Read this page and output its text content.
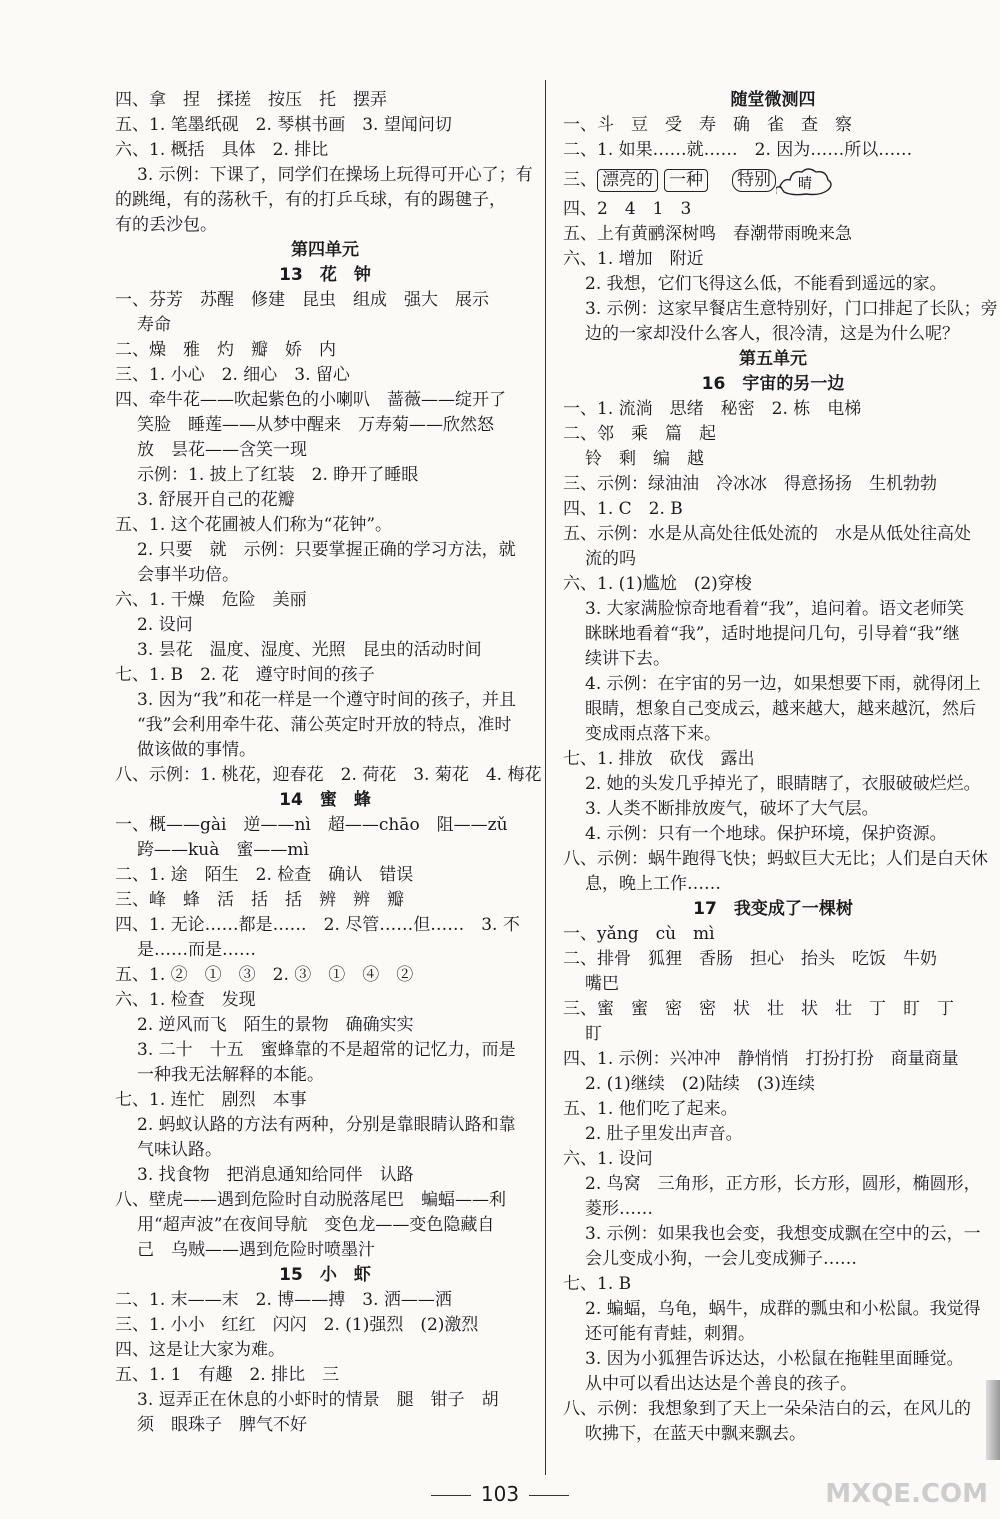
四、拿　捏　揉搓　按压　托　摆弄
五、1. 笔墨纸砚　2. 琴棋书画　3. 望闻问切
六、1. 概括　具体　2. 排比
3. 示例：下课了，同学们在操场上玩得可开心了；有
的跳绳，有的荡秋千，有的打乒乓球，有的踢毽子，
有的丢沙包。
第四单元
13　花　钟
一、芬芳　苏醒　修建　昆虫　组成　强大　展示
寿命
二、燥　雅　灼　瓣　娇　内
三、1. 小心　2. 细心　3. 留心
四、牵牛花——吹起紫色的小喇叭　蔷薇——绽开了
笑脸　睡莲——从梦中醒来　万寿菊——欣然怒
放　昙花——含笑一现
示例：1. 披上了红装　2. 睁开了睡眼
3. 舒展开自己的花瓣
五、1. 这个花圃被人们称为“花钟”。
2. 只要　就　示例：只要掌握正确的学习方法，就
会事半功倍。
六、1. 干燥　危险　美丽
2. 设问
3. 昙花　温度、湿度、光照　昆虫的活动时间
七、1. B　2. 花　遵守时间的孩子
3. 因为“我”和花一样是一个遵守时间的孩子，并且
“我”会利用牵牛花、蒲公英定时开放的特点，准时
做该做的事情。
八、示例：1. 桃花，迎春花　2. 荷花　3. 菊花　4. 梅花
14　蜜　蜂
一、概——gài　逆——nì　超——chāo　阻——zǔ
跨——kuà　蜜——mì
二、1. 途　陌生　2. 检查　确认　错误
三、峰　蜂　活　括　括　辨　辨　瓣
四、1. 无论……都是……　2. 尽管……但……　3. 不
是……而是……
五、1. ②　①　③　2. ③　①　④　②
六、1. 检查　发现
2. 逆风而飞　陌生的景物　确确实实
3. 二十　十五　蜜蜂靠的不是超常的记忆力，而是
一种我无法解释的本能。
七、1. 连忙　剧烈　本事
2. 蚂蚁认路的方法有两种，分别是靠眼睛认路和靠
气味认路。
3. 找食物　把消息通知给同伴　认路
八、壁虎——遇到危险时自动脱落尾巴　蝙蝠——利
用“超声波”在夜间导航　变色龙——变色隐藏自
己　乌贼——遇到危险时喷墨汁
15　小　虾
二、1. 末——末　2. 博——搏　3. 洒——洒
三、1. 小小　红红　闪闪　2. (1)强烈　(2)激烈
四、这是让大家为难。
五、1. 1　有趣　2. 排比　三
3. 逗弄正在休息的小虾时的情景　腿　钳子　胡
须　眼珠子　脾气不好
随堂微测四
一、斗　豆　受　寿　确　雀　查　察
二、1. 如果……就……　2. 因为……所以……
三、 漂亮的 一种 特别 晴
四、2　4　1　3
五、上有黄鹂深树鸣　春潮带雨晚来急
六、1. 增加　附近
2. 我想，它们飞得这么低，不能看到遥远的家。
3. 示例：这家早餐店生意特别好，门口排起了长队；旁
边的一家却没什么客人，很冷清，这是为什么呢？
第五单元
16　宇宙的另一边
一、1. 流淌　思绪　秘密　2. 栋　电梯
二、邻　乘　篇　起
铃　剩　编　越
三、示例：绿油油　冷冰冰　得意扬扬　生机勃勃
四、1. C　2. B
五、示例：水是从高处往低处流的　水是从低处往高处
流的吗
六、1. (1)尴尬　(2)穿梭
3. 大家满脸惊奇地看着“我”，追问着。语文老师笑
眯眯地看着“我”，适时地提问几句，引导着“我”继
续讲下去。
4. 示例：在宇宙的另一边，如果想要下雨，就得闭上
眼睛，想象自己变成云，越来越大，越来越沉，然后
变成雨点落下来。
七、1. 排放　砍伐　露出
2. 她的头发几乎掉光了，眼睛瞎了，衣服破破烂烂。
3. 人类不断排放废气，破坏了大气层。
4. 示例：只有一个地球。保护环境，保护资源。
八、示例：蜗牛跑得飞快；蚂蚁巨大无比；人们是白天休
息，晚上工作……
17　我变成了一棵树
一、yǎng　cù　mì
二、排骨　狐狸　香肠　担心　抬头　吃饭　牛奶
嘴巴
三、蜜　蜜　密　密　状　壮　状　壮　丁　盯　丁
盯
四、1. 示例：兴冲冲　静悄悄　打扮打扮　商量商量
2. (1)继续　(2)陆续　(3)连续
五、1. 他们吃了起来。
2. 肚子里发出声音。
六、1. 设问
2. 鸟窝　三角形，正方形，长方形，圆形，椭圆形，
菱形……
3. 示例：如果我也会变，我想变成飘在空中的云，一
会儿变成小狗，一会儿变成狮子……
七、1. B
2. 蝙蝠，乌龟，蜗牛，成群的瓢虫和小松鼠。我觉得
还可能有青蛙，刺猬。
3. 因为小狐狸告诉达达，小松鼠在拖鞋里面睡觉。
从中可以看出达达是个善良的孩子。
八、示例：我想象到了天上一朵朵洁白的云，在风儿的
吹拂下，在蓝天中飘来飘去。
103	MXQE.COM
